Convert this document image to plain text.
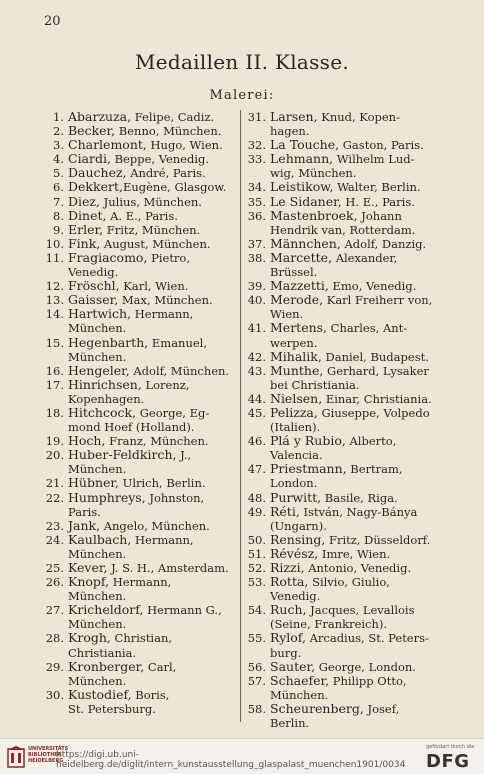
20
Medaillen II. Klasse.
Malerei:
1. Abarzuza, Felipe, Cadiz.
2. Becker, Benno, München.
3. Charlemont, Hugo, Wien.
4. Ciardi, Beppe, Venedig.
5. Dauchez, André, Paris.
6. Dekkert,Eugène, Glasgow.
7. Diez, Julius, München.
8. Dinet, A. E., Paris.
9. Erler, Fritz, München.
10. Fink, August, München.
11. Fragiacomo, Pietro,
Venedig.
12. Fröschl, Karl, Wien.
13. Gaisser, Max, München.
14. Hartwich, Hermann,
München.
15. Hegenbarth, Emanuel,
München.
16. Hengeler, Adolf, München.
17. Hinrichsen, Lorenz,
Kopenhagen.
18. Hitchcock, George, Eg-
mond Hoef (Holland).
19. Hoch, Franz, München.
20. Huber-Feldkirch, J.,
München.
21. Hübner, Ulrich, Berlin.
22. Humphreys, Johnston,
Paris.
23. Jank, Angelo, München.
24. Kaulbach, Hermann,
München.
25. Kever, J. S. H., Amsterdam.
26. Knopf, Hermann,
München.
27. Kricheldorf, Hermann G.,
München.
28. Krogh, Christian,
Christiania.
29. Kronberger, Carl,
München.
30. Kustodief, Boris,
St. Petersburg.
31. Larsen, Knud, Kopen-
hagen.
32. La Touche, Gaston, Paris.
33. Lehmann, Wilhelm Lud-
wig, München.
34. Leistikow, Walter, Berlin.
35. Le Sidaner, H. E., Paris.
36. Mastenbroek, Johann
Hendrik van, Rotterdam.
37. Männchen, Adolf, Danzig.
38. Marcette, Alexander,
Brüssel.
39. Mazzetti, Emo, Venedig.
40. Merode, Karl Freiherr von,
Wien.
41. Mertens, Charles, Ant-
werpen.
42. Mihalik, Daniel, Budapest.
43. Munthe, Gerhard, Lysaker
bei Christiania.
44. Nielsen, Einar, Christiania.
45. Pelizza, Giuseppe, Volpedo
(Italien).
46. Plá y Rubio, Alberto,
Valencia.
47. Priestmann, Bertram,
London.
48. Purwitt, Basile, Riga.
49. Réti, István, Nagy-Bánya
(Ungarn).
50. Rensing, Fritz, Düsseldorf.
51. Révész, Imre, Wien.
52. Rizzi, Antonio, Venedig.
53. Rotta, Silvio, Giulio, Venedig.
54. Ruch, Jacques, Levallois
(Seine, Frankreich).
55. Rylof, Arcadius, St. Peters-
burg.
56. Sauter, George, London.
57. Schaefer, Philipp Otto,
München.
58. Scheurenberg, Josef,
Berlin.
UNIVERSITÄTS BIBLIOTHEK HEIDELBERG
https://digi.ub.uni-heidelberg.de/diglit/intern_kunstausstellung_glaspalast_muenchen1901/0034
gefördert durch die
DFG
